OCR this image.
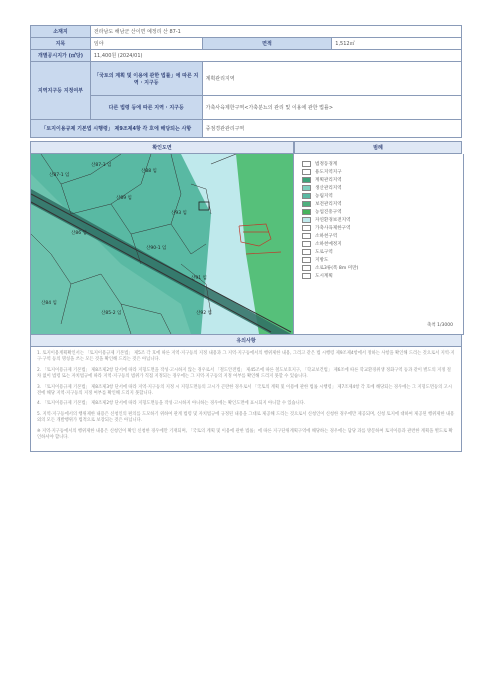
소재지	전라남도 해남군 산이면 예정리 산 87-1		
지목	임야	면적	1,512㎡
개별공시지가 (㎡당)	11,400원 (2024/01)		
지역지구등 지정여부	「국토의 계획 및 이용에 관한 법률」에 따른 지역 · 지구등	계획관리지역	
	다른 법령 등에 따른 지역 · 지구등	가축사육제한구역<가축분뇨의 관리 및 이용에 관한 법률>	
「토지이용규제 기본법 시행령」 제9조제4항 각 호에 해당되는 사항		중점경관관리구역	
확인도면	범례
산87-1 임
산87-3 임
산88 임
산89 임
산86 임
산90-1 임
산91 임
산92 임
산85-2 임
산84 임
산93 임
법정동경계
용도지역지구
계획관리지역
생산관리지역
농림지역
보전관리지역
농업진흥구역
자연환경보전지역
가축사육제한구역
소하천구역
소하천예정지
도로구역
지방도
소로3류(폭 8m 미만)
도시계획
축척 1/3000
유의사항

1. 토지이용계획확인서는 「토지이용규제 기본법」 제5조 각 호에 따른 지역·지구등의 지정 내용과 그 지역·지구등에서의 행위제한 내용, 그리고 같은 법 시행령 제9조제4항에서 정하는 사항을 확인해 드리는 것으로서 지역·지구·구역 등의 명칭을 쓰는 모든 것을 확인해 드리는 것은 아닙니다.

2. 「토지이용규제 기본법」 제8조제2항 단서에 따라 지형도면을 작성·고시하지 않는 경우로서 「철도안전법」 제45조에 따른 철도보호지구, 「학교보건법」 제6조에 따른 학교환경위생 정화구역 등과 같이 별도의 지정 절차 없이 법령 또는 자치법규에 따라 지역·지구등의 범위가 직접 지정되는 경우에는 그 지역·지구등의 지정 여부를 확인해 드리지 못할 수 있습니다.

3. 「토지이용규제 기본법」 제8조제3항 단서에 따라 지역·지구등의 지정 시 지형도면등의 고시가 곤란한 경우로서 「국토의 계획 및 이용에 관한 법률 시행령」 제7조제4항 각 호에 해당되는 경우에는 그 지형도면등의 고시 전에 해당 지역·지구등의 지정 여부를 확인해 드리지 못합니다.

4. 「토지이용규제 기본법」 제8조제2항 단서에 따라 지형도면등을 작성·고시하지 아니하는 경우에는 확인도면에 표시되지 아니할 수 있습니다.

5. 지역·지구등에서의 행위제한 내용은 신청인의 편의를 도모하기 위하여 관계 법령 및 자치법규에 규정된 내용을 그대로 제공해 드리는 것으로서 신청인이 신청한 경우에만 제공되며, 신청 토지에 대하여 제공된 행위제한 내용 외의 모든 개발행위가 법적으로 보장되는 것은 아닙니다.

※ 지역·지구등에서의 행위제한 내용은 신청인이 확인 신청한 경우에만 기재되며, 「국토의 계획 및 이용에 관한 법률」에 따른 지구단위계획구역에 해당하는 경우에는 담당 과를 방문하여 토지이용과 관련한 계획을 별도로 확인하셔야 합니다.
